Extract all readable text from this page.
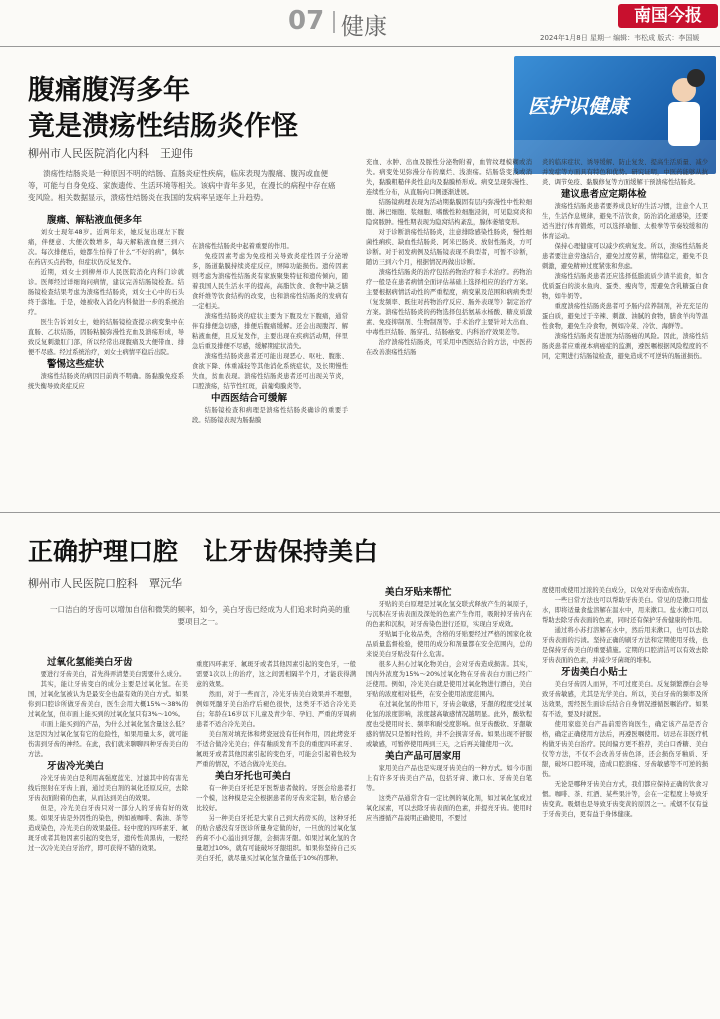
07 健康	南国今报
2024年1月8日 星期一 编辑：韦松成 版式：李国媛
医护识健康
腹痛腹泻多年
竟是溃疡性结肠炎作怪
柳州市人民医院消化内科　王迎伟
溃疡性结肠炎是一种原因不明的结肠、直肠炎症性疾病，临床表现为腹痛、腹泻或血便等，可能与自身免疫、家族遗传、生活环境等相关。该病中青年多见，在漫长的病程中存在癌变风险。相关数据显示，溃疡性结肠炎在我国的发病率呈逐年上升趋势。

腹痛、解粘液血便多年

刘女士现年48岁。近两年来，她反复出现左下腹痛，伴便意、大便次数增多，每天解粘液血便三到六次。每次排便后，她都生怕得了什么“不好的病”，偶尔在药店买点药物，但症状仍反复发作。

近期，刘女士到柳州市人民医院消化内科门诊就诊。医师经过详细询问病情，建议完善结肠镜检查。结肠镜检查结果考虑为溃疡性结肠炎，刘女士心中的石头终于落地。于是，她被收入消化内科做进一步的系统治疗。

医生告诉刘女士，她的结肠镜检查提示病变集中在直肠、乙状结肠，因肠粘膜弥漫性充血及溃疡形成，导致反复刺激肛门部，所以经常出现腹痛及大便带血、排便不尽感。经过系统治疗，刘女士病情平稳后出院。

警惕这些症状

溃疡性结肠炎的病因目前尚不明确。肠黏膜免疫系统失衡导致炎症反应

在溃疡性结肠炎中起着重要的作用。

免疫因素考虑为免疫相关导致炎症性因子分泌增多，肠道黏膜持续炎症反应，屏障功能损伤。遗传因素则考虑为溃疡性结肠炎有家族聚集特征和遗传倾向，随着我国人民生活水平的提高，高脂饮食、食物中缺乏膳食纤维等饮食结构的改变，也和溃疡性结肠炎的发病有一定相关。

溃疡性结肠炎的症状主要为下腹及左下腹痛，通常伴有排便急切感，排便后腹痛缓解。还会出现腹泻、解粘液血便，且反复发作，主要出现在疾病活动期，伴里急后重及排便不尽感，缓解期症状消失。

溃疡性结肠炎患者还可能出现恶心、呕吐、腹胀、食欲下降、体重减轻等其他消化系统症状，及长期慢性失血，贫血表现。溃疡性结肠炎患者还可出现关节炎，口腔溃疡，结节性红斑，前葡萄膜炎等。

中西医结合可缓解

结肠镜检查和病理是溃疡性结肠炎确诊的重要手段。结肠镜表现为肠黏膜

充血、水肿、出血及脓性分泌物附着，血管纹理模糊或消失。病变处见弥漫分布的糜烂、浅溃疡。结肠袋变浅或消失，黏膜粗糙伴炎性息肉及黏膜桥形成。病变呈现弥漫性、连续性分布，从直肠向口侧逐渐进展。

结肠镜病理表现为活动期黏膜固有层内弥漫性中性粒细胞、淋巴细胞、浆细胞、嗜酸性粒细胞浸润，可见隐窝炎和隐窝脓肿。慢性期表现为隐窝结构紊乱，腺体萎缩变形。

对于诊断溃疡性结肠炎，注意排除感染性肠炎，慢性细菌性痢疾、缺血性结肠炎、阿米巴肠炎、放射性肠炎，方可诊断。对于初发病例及结肠镜表现不典型者，可暂不诊断，随访三到六个月，根据情况再做出诊断。

溃疡性结肠炎的治疗包括药物治疗和手术治疗。药物治疗一般是在患者病情全面评估基础上选择相应的治疗方案。主要根据病情活动性的严重程度，病变累及范围和病病类型（复发频率、既往对药物治疗反应、肠外表现等）制定治疗方案。溃疡性结肠炎的药物选择包括氨基水杨酸、糖皮质激素、免疫抑制剂、生物制剂等。手术治疗主要针对大出血、中毒性巨结肠、肠穿孔、结肠癌变、内科治疗效果差等。

治疗溃疡性结肠炎，可采用中西医结合的方法，中医药在改善溃疡性结肠

炎的临床症状、诱导缓解、防止复发、提高生活质量、减少并发症等方面具有特色和优势。研究证明，中医药能够从抗炎、调节免疫、黏膜修复等方面缓解干预溃疡性结肠炎。

建议患者应定期体检

溃疡性结肠炎患者要养成良好的生活习惯，注意个人卫生，生活作息规律，避免不洁饮食，防治消化道感染，还要适当进行体育锻炼，可以选择瑜伽、太极拳等节奏较缓和的体育运动。

保持心理健康可以减少疾病复发。所以，溃疡性结肠炎患者要注意劳逸结合，避免过度劳累，情绪稳定，避免不良刺激，避免精神过度紧张和焦虑。

溃疡性结肠炎患者还应选择低脂流质少渣半流食，如含优质蛋白的淡水鱼肉、蛋类、瘦肉等，需避免含乳糖蛋白食物，如牛奶等。

重度溃疡性结肠炎患者可予肠内营养制剂，补充充足的蛋白质，避免过于辛辣、刺激、油腻的食物，膳食羊肉等温性食物，避免生冷食物，例如冷菜、冷饮、海鲜等。

溃疡性结肠炎有进展为结肠癌的风险。因此，溃疡性结肠炎患者应重视本病癌症的监测，遵医嘱根据风险程度的不同，定期进行结肠镜检查，避免造成不可逆转的肠道损伤。

正确护理口腔　让牙齿保持美白
柳州市人民医院口腔科　覃沅华
一口洁白的牙齿可以增加自信和微笑的频率，如今，美白牙齿已经成为人们追求时尚美的重要项目之一。

过氧化氢能美白牙齿

要进行牙齿美白，首先得弄清楚美白需要什么成分。

其实，能让牙齿变白的成分主要是过氧化氢。在美国，过氧化氢被认为是最安全也最有效的美白方式。如果你到口腔诊所做牙齿美白，医生会用大概15%～38%的过氧化氢，但市面上能买到的过氧化氢只有3%～10%。

市面上能买到的产品，为什么过氧化氢含量这么低？这是因为过氧化氢有它的危险性，如果用量太多，就可能伤害到牙齿的神经。在此，我们就来聊聊四种牙齿美白的方法。

牙齿冷光美白

冷光牙齿美白是利用高强度蓝光、过滤其中的有害光线后照射在牙齿上面，通过美白剂的氧化还原反应，去除牙齿表面附着的色素，从而达到美白的效果。

但是，冷光美白牙齿只对一部分人的牙齿有好的效果。如果牙齿是外因性的染色，例如被咖啡、酱油、茶等造成染色，冷光美白的效果最佳。轻中度的四环素牙、氟斑牙或者其他因素引起的变色牙，遗传性黄黑齿，一般经过一次冷光美白牙治疗，即可获得不错的效果。

重度四环素牙、氟斑牙或者其他因素引起的变色牙，一般需要1次以上的治疗，这之间需相隔半个月，才能获得满意的效果。

然而，对于一些而言，冷光牙齿美白效果并不理想，例如死髓牙美白治疗后褪色很快，这类牙不适合冷光美白；年龄在16岁以下儿童及青少年、孕妇、严重的牙周病患者不适合冷光美白。

美白剂对填充体和烤瓷冠没有任何作用，因此烤瓷牙不适合做冷光美白；伴有釉质发育不良的重度四环素牙、氟斑牙或者其他因素引起的变色牙，可能会引起着色较为严重的情况，不适合做冷光美白。

美白牙托也可美白

有一种美白牙托是牙医帮患者做的。牙医会给患者打一个模，这种模是完全根据患者的牙齿来定制，贴合感会比较好。

另一种美白牙托是大家自己到大药房买的，这种牙托的贴合感没有牙医诊所量身定做的好，一旦放的过氧化氢药膏不小心溢出到牙龈，会损害牙龈。如果过氧化氢的含量超过10%，就有可能破坏牙龈组织。如果你坚持自己买美白牙托，就尽量买过氧化氢含量低于10%的那种。

美白牙贴来帮忙

牙贴的美白原理是过氧化氢交联式释放产生的氧原子，与沉积在牙齿表面及深处的色素产生作用，吸附掉牙齿内在的色素和沉积，对牙齿染色进行还原，实现白牙成效。

牙贴属于化妆品类，含格的牙贴要经过严格的国家化妆品质量监督检验，使用的成分和剂量都在安全范围内，总的来说美白牙贴没有什么危害。

很多人担心过氧化物美白，会对牙齿造成损害。其实，国内外浓度为15%～20%过氧化物在牙齿表白方面已经广泛使用。例如，冷光美白就是使用过氧化物进行漂白，美白牙贴的浓度相对低些，在安全使用浓度范围内。

在过氧化氢的作用下，牙齿会敏感，牙龈的程度受过氧化氢的浓度影响，浓度越高敏感情况越明显。此外，酸软程度也受使用时长、频率和耐受度影响。但牙齿酸软、牙龈敏感的情况只是暂时性的，并不会损害牙齿。如果出现不舒服或敏感，可暂停使用两到三天，之后再关键使用一次。

美白产品可居家用

家用美白产品也是实现牙齿美白的一种方式。如今市面上有许多牙齿美白产品，包括牙膏、漱口水、牙齿美白笔等。

这类产品通常含有一定比例的氧化剂，如过氧化氢或过氧化尿素，可以去除牙齿表面的色素，并提亮牙齿。使用时应当遵循产品说明正确使用，不要过

度使用或使用过浓的美白成分，以免对牙齿造成伤害。

一些日常方法也可以帮助牙齿美白。常见的是漱口用盐水，即将适量食盐溶解在温水中，用来漱口。盐水漱口可以帮助去除牙齿表面的色素，同时还有保护牙齿健康的作用。

通过将小苏打溶解在水中，然后用来漱口，也可以去除牙齿表面的污渍。坚持正确的刷牙方法和定期使用牙线，也是保持牙齿美白的重要措施。定期的口腔清洁可以有效去除牙齿表面的色素，并减少牙菌斑的堆积。

牙齿美白小贴士

美白牙齿因人而异，不可过度美白。反复频繁漂白会导致牙齿敏感，尤其是光学美白。所以，美白牙齿的频率及所达效果，需经医生面诊后结合自身情况遵循医嘱治疗。如果有不适，要及时就医。

使用家庭美白产品前需咨询医生，确定该产品是否合格，确定正确使用方法后，再遵医嘱使用。切忌在非医疗机构做牙齿美白治疗。民间偏方更不推荐，美白口香糖、美白仪等方法，不仅不会改善牙齿色泽，还会损伤牙釉质、牙龈，破坏口腔环境，造成口腔溃疡、牙齿敏感等不可逆的损伤。

无论是哪种牙齿美白方式，我们都应保持正确的饮食习惯。咖啡、茶、红酒、某些果汁等，会在一定程度上导致牙齿变黄。吸烟也是导致牙齿变黄的原因之一。戒烟不仅有益于牙齿美白，更有益于身体健康。
